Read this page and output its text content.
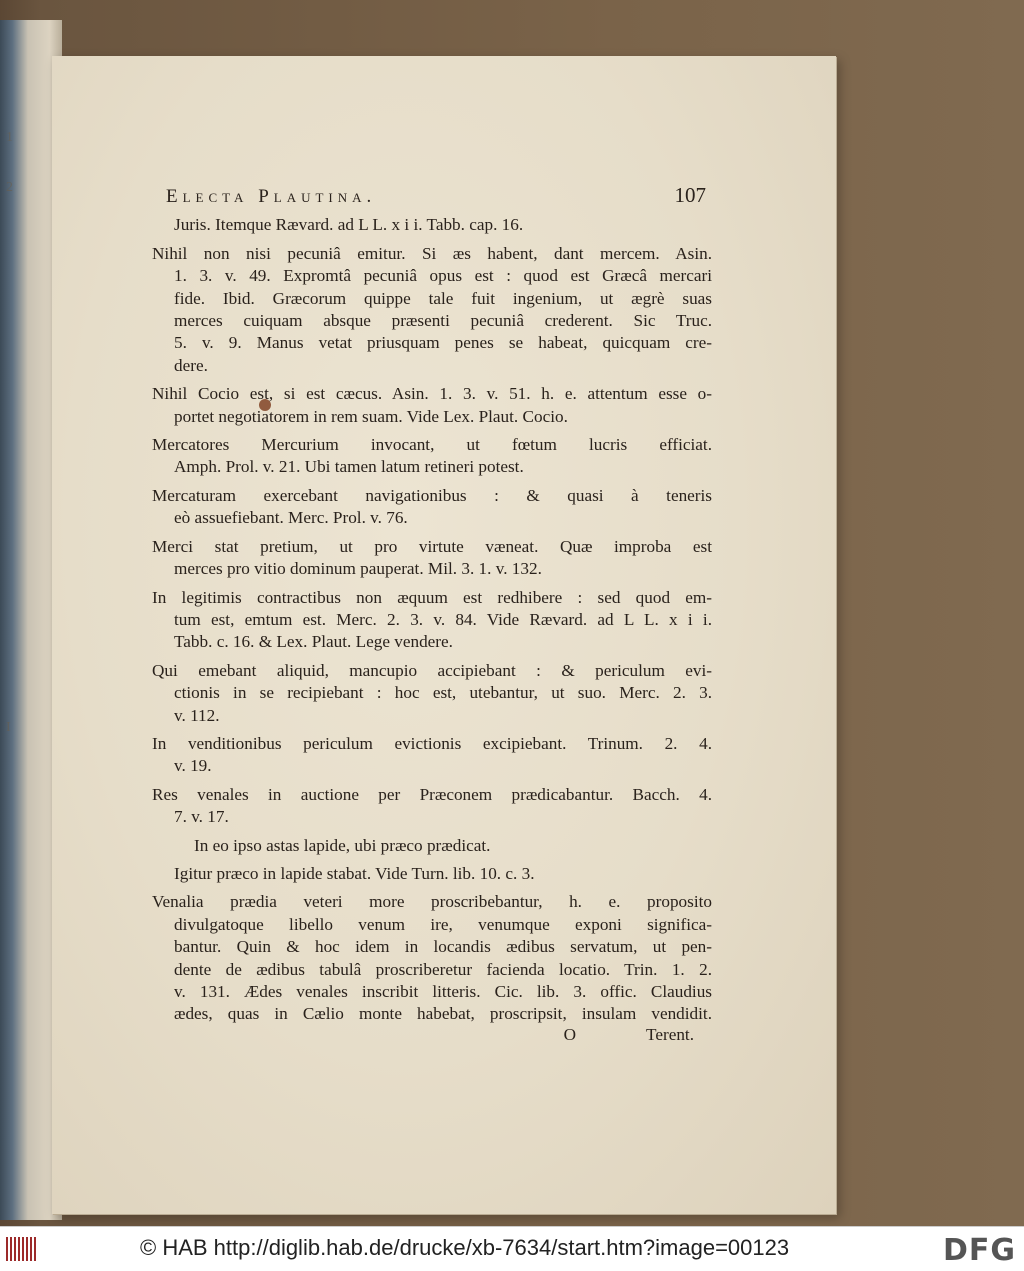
1
2
I
Electa Plautina.	107
Juris. Itemque Rævard. ad L L. x i i. Tabb. cap. 16.
Nihil non nisi pecuniâ emitur. Si æs habent, dant mercem. Asin.
1. 3. v. 49. Expromtâ pecuniâ opus est : quod est Græcâ mercari
fide. Ibid. Græcorum quippe tale fuit ingenium, ut ægrè suas
merces cuiquam absque præsenti pecuniâ crederent. Sic Truc.
5. v. 9. Manus vetat priusquam penes se habeat, quicquam cre-
dere.
Nihil Cocio est, si est cæcus. Asin. 1. 3. v. 51. h. e. attentum esse o-
portet negotiatorem in rem suam. Vide Lex. Plaut. Cocio.
Mercatores Mercurium invocant, ut fœtum lucris efficiat.
Amph. Prol. v. 21. Ubi tamen latum retineri potest.
Mercaturam exercebant navigationibus : & quasi à teneris
eò assuefiebant. Merc. Prol. v. 76.
Merci stat pretium, ut pro virtute væneat. Quæ improba est
merces pro vitio dominum pauperat. Mil. 3. 1. v. 132.
In legitimis contractibus non æquum est redhibere : sed quod em-
tum est, emtum est. Merc. 2. 3. v. 84. Vide Rævard. ad L L. x i i.
Tabb. c. 16. & Lex. Plaut. Lege vendere.
Qui emebant aliquid, mancupio accipiebant : & periculum evi-
ctionis in se recipiebant : hoc est, utebantur, ut suo. Merc. 2. 3.
v. 112.
In venditionibus periculum evictionis excipiebant. Trinum. 2. 4.
v. 19.
Res venales in auctione per Præconem prædicabantur. Bacch. 4.
7. v. 17.
In eo ipso astas lapide, ubi præco prædicat.
Igitur præco in lapide stabat. Vide Turn. lib. 10. c. 3.
Venalia prædia veteri more proscribebantur, h. e. proposito
divulgatoque libello venum ire, venumque exponi significa-
bantur. Quin & hoc idem in locandis ædibus servatum, ut pen-
dente de ædibus tabulâ proscriberetur facienda locatio. Trin. 1. 2.
v. 131. Ædes venales inscribit litteris. Cic. lib. 3. offic. Claudius
ædes, quas in Cælio monte habebat, proscripsit, insulam vendidit.
O	Terent.
© HAB http://diglib.hab.de/drucke/xb-7634/start.htm?image=00123	DFG
